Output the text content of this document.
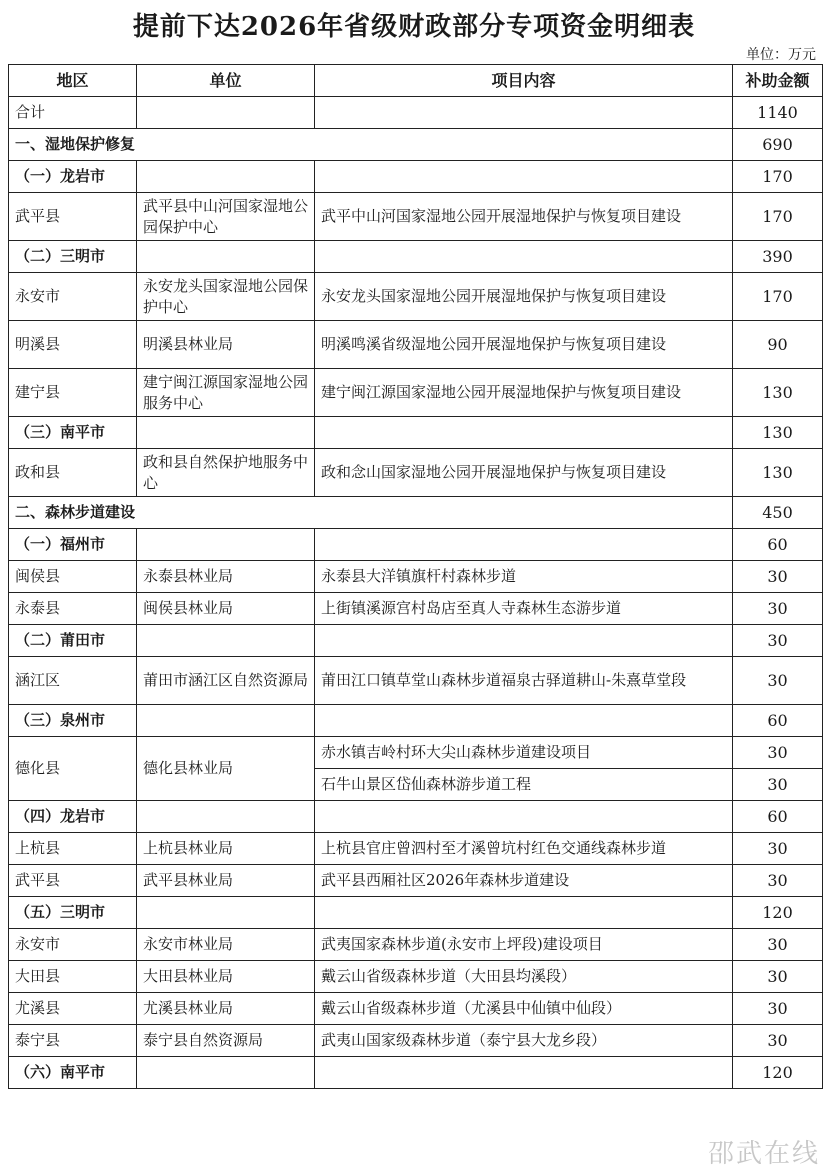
提前下达2026年省级财政部分专项资金明细表
单位：万元
地区	单位	项目内容	补助金额
合计			1140
一、湿地保护修复			690
（一）龙岩市			170
武平县	武平县中山河国家湿地公园保护中心	武平中山河国家湿地公园开展湿地保护与恢复项目建设	170
（二）三明市			390
永安市	永安龙头国家湿地公园保护中心	永安龙头国家湿地公园开展湿地保护与恢复项目建设	170
明溪县	明溪县林业局	明溪鸣溪省级湿地公园开展湿地保护与恢复项目建设	90
建宁县	建宁闽江源国家湿地公园服务中心	建宁闽江源国家湿地公园开展湿地保护与恢复项目建设	130
（三）南平市			130
政和县	政和县自然保护地服务中心	政和念山国家湿地公园开展湿地保护与恢复项目建设	130
二、森林步道建设			450
（一）福州市			60
闽侯县	永泰县林业局	永泰县大洋镇旗杆村森林步道	30
永泰县	闽侯县林业局	上街镇溪源宫村岛店至真人寺森林生态游步道	30
（二）莆田市			30
涵江区	莆田市涵江区自然资源局	莆田江口镇草堂山森林步道福泉古驿道耕山-朱熹草堂段	30
（三）泉州市			60
德化县	德化县林业局	赤水镇吉岭村环大尖山森林步道建设项目	30
		石牛山景区岱仙森林游步道工程	30
（四）龙岩市			60
上杭县	上杭县林业局	上杭县官庄曾泗村至才溪曾坑村红色交通线森林步道	30
武平县	武平县林业局	武平县西厢社区2026年森林步道建设	30
（五）三明市			120
永安市	永安市林业局	武夷国家森林步道(永安市上坪段)建设项目	30
大田县	大田县林业局	戴云山省级森林步道（大田县均溪段）	30
尤溪县	尤溪县林业局	戴云山省级森林步道（尤溪县中仙镇中仙段）	30
泰宁县	泰宁县自然资源局	武夷山国家级森林步道（泰宁县大龙乡段）	30
（六）南平市			120
邵武在线
